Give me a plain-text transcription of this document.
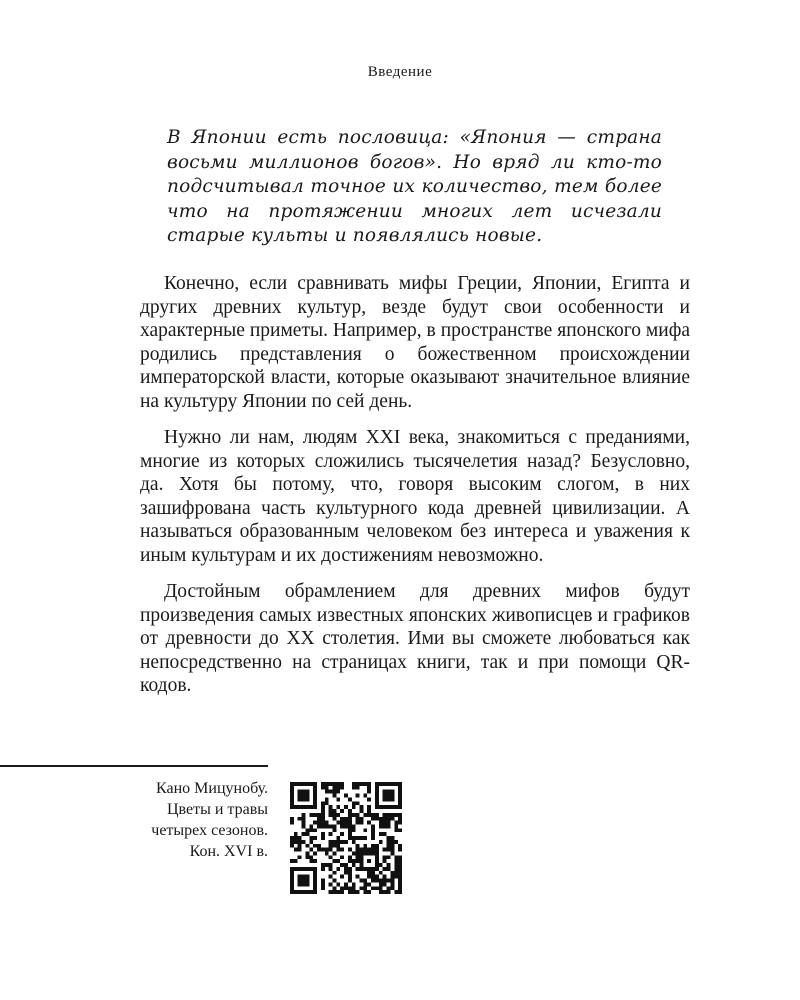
Введение
В Японии есть пословица: «Япония — страна восьми миллионов богов». Но вряд ли кто-то подсчитывал точное их количество, тем более что на протяжении многих лет исчезали старые культы и появлялись новые.

Конечно, если сравнивать мифы Греции, Японии, Египта и других древних культур, везде будут свои особенности и характерные приметы. Например, в пространстве японского мифа родились представления о божественном происхождении императорской власти, которые оказывают значительное влияние на культуру Японии по сей день.

Нужно ли нам, людям XXI века, знакомиться с преданиями, многие из которых сложились тысячелетия назад? Безусловно, да. Хотя бы потому, что, говоря высоким слогом, в них зашифрована часть культурного кода древней цивилизации. А называться образованным человеком без интереса и уважения к иным культурам и их достижениям невозможно.

Достойным обрамлением для древних мифов будут произведения самых известных японских живописцев и графиков от древности до XX столетия. Ими вы сможете любоваться как непосредственно на страницах книги, так и при помощи QR-кодов.

Кано Мицунобу.
Цветы и травы
четырех сезонов.
Кон. XVI в.
